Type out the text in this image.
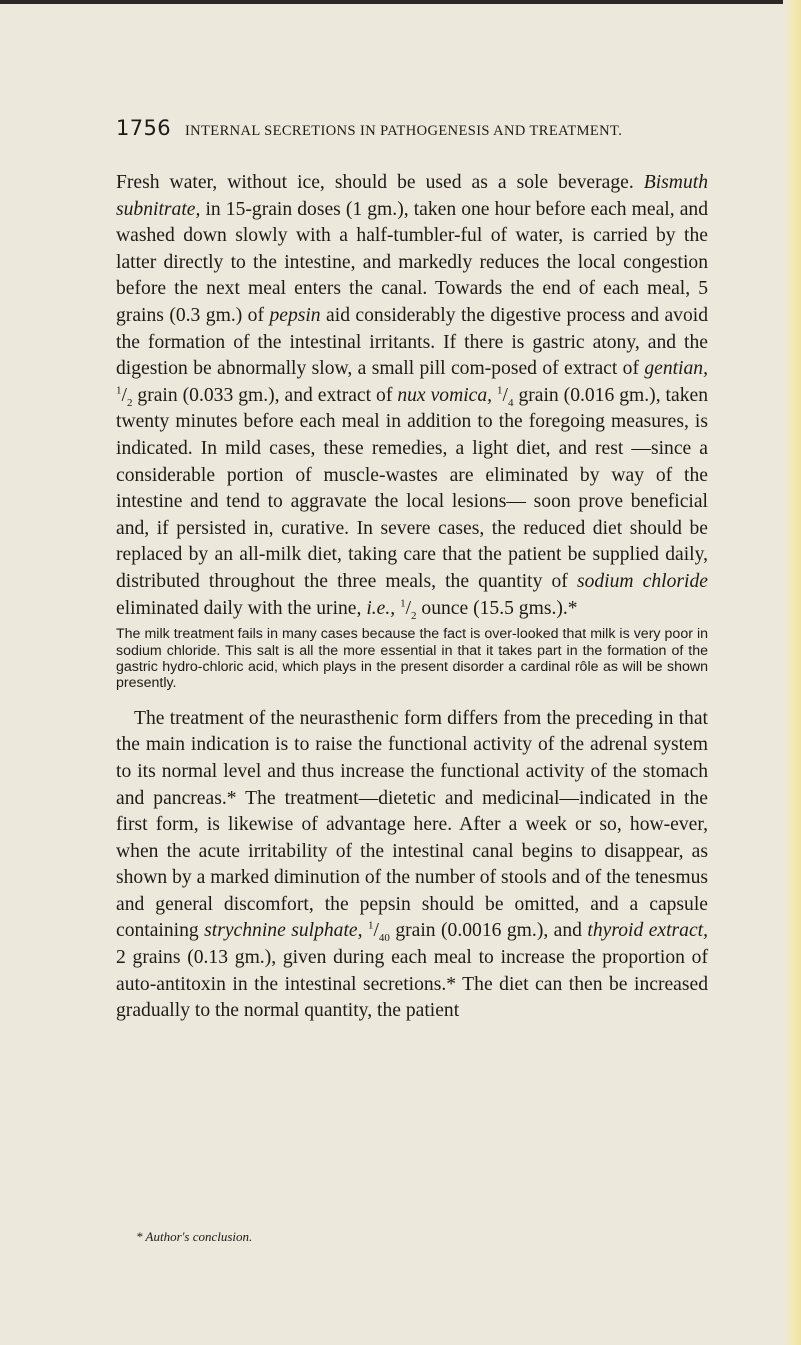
1756 INTERNAL SECRETIONS IN PATHOGENESIS AND TREATMENT.

Fresh water, without ice, should be used as a sole beverage. Bismuth subnitrate, in 15-grain doses (1 gm.), taken one hour before each meal, and washed down slowly with a half-tumbler-ful of water, is carried by the latter directly to the intestine, and markedly reduces the local congestion before the next meal enters the canal. Towards the end of each meal, 5 grains (0.3 gm.) of pepsin aid considerably the digestive process and avoid the formation of the intestinal irritants. If there is gastric atony, and the digestion be abnormally slow, a small pill com-posed of extract of gentian, $^1/_2$ grain (0.033 gm.), and extract of nux vomica, $^1/_4$ grain (0.016 gm.), taken twenty minutes before each meal in addition to the foregoing measures, is indicated. In mild cases, these remedies, a light diet, and rest —since a considerable portion of muscle-wastes are eliminated by way of the intestine and tend to aggravate the local lesions— soon prove beneficial and, if persisted in, curative. In severe cases, the reduced diet should be replaced by an all-milk diet, taking care that the patient be supplied daily, distributed throughout the three meals, the quantity of sodium chloride eliminated daily with the urine, i.e., $^1/_2$ ounce (15.5 gms.).*

The milk treatment fails in many cases because the fact is over-looked that milk is very poor in sodium chloride. This salt is all the more essential in that it takes part in the formation of the gastric hydro-chloric acid, which plays in the present disorder a cardinal rôle as will be shown presently.

The treatment of the neurasthenic form differs from the preceding in that the main indication is to raise the functional activity of the adrenal system to its normal level and thus increase the functional activity of the stomach and pancreas.* The treatment—dietetic and medicinal—indicated in the first form, is likewise of advantage here. After a week or so, how-ever, when the acute irritability of the intestinal canal begins to disappear, as shown by a marked diminution of the number of stools and of the tenesmus and general discomfort, the pepsin should be omitted, and a capsule containing strychnine sulphate, $^1/_{40}$ grain (0.0016 gm.), and thyroid extract, 2 grains (0.13 gm.), given during each meal to increase the proportion of auto-antitoxin in the intestinal secretions.* The diet can then be increased gradually to the normal quantity, the patient

* Author's conclusion.
